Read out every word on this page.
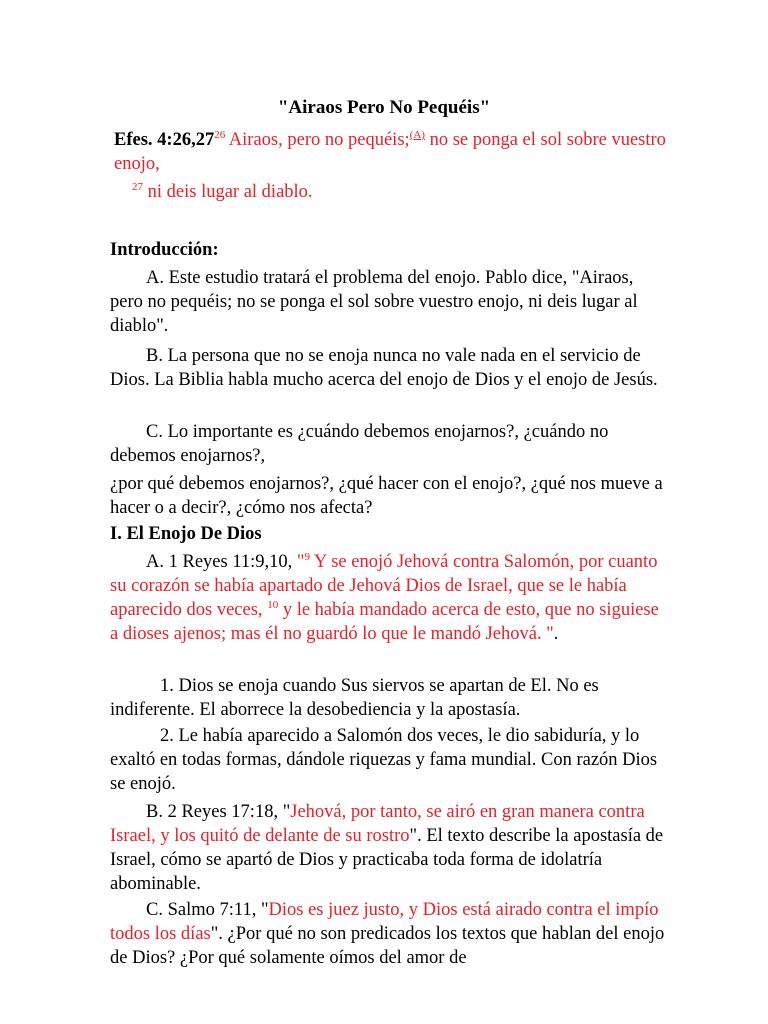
"Airaos Pero No Pequéis"
Efes. 4:26,27$^{26}$ Airaos, pero no pequéis;$^{(A)}$ no se ponga el sol sobre vuestro enojo,
$^{27}$ ni deis lugar al diablo.
Introducción:
A. Este estudio tratará el problema del enojo. Pablo dice, "Airaos, pero no pequéis; no se ponga el sol sobre vuestro enojo, ni deis lugar al diablo".
B. La persona que no se enoja nunca no vale nada en el servicio de Dios. La Biblia habla mucho acerca del enojo de Dios y el enojo de Jesús.
C. Lo importante es ¿cuándo debemos enojarnos?, ¿cuándo no debemos enojarnos?,
¿por qué debemos enojarnos?, ¿qué hacer con el enojo?, ¿qué nos mueve a hacer o a decir?, ¿cómo nos afecta?
I. El Enojo De Dios
A. 1 Reyes 11:9,10, "$^9$ Y se enojó Jehová contra Salomón, por cuanto su corazón se había apartado de Jehová Dios de Israel, que se le había aparecido dos veces, $^{10}$ y le había mandado acerca de esto, que no siguiese a dioses ajenos; mas él no guardó lo que le mandó Jehová. ".
1. Dios se enoja cuando Sus siervos se apartan de El. No es indiferente. El aborrece la desobediencia y la apostasía.
2. Le había aparecido a Salomón dos veces, le dio sabiduría, y lo exaltó en todas formas, dándole riquezas y fama mundial. Con razón Dios se enojó.
B. 2 Reyes 17:18, "Jehová, por tanto, se airó en gran manera contra Israel, y los quitó de delante de su rostro". El texto describe la apostasía de Israel, cómo se apartó de Dios y practicaba toda forma de idolatría abominable.
C. Salmo 7:11, "Dios es juez justo, y Dios está airado contra el impío todos los días". ¿Por qué no son predicados los textos que hablan del enojo de Dios? ¿Por qué solamente oímos del amor de
